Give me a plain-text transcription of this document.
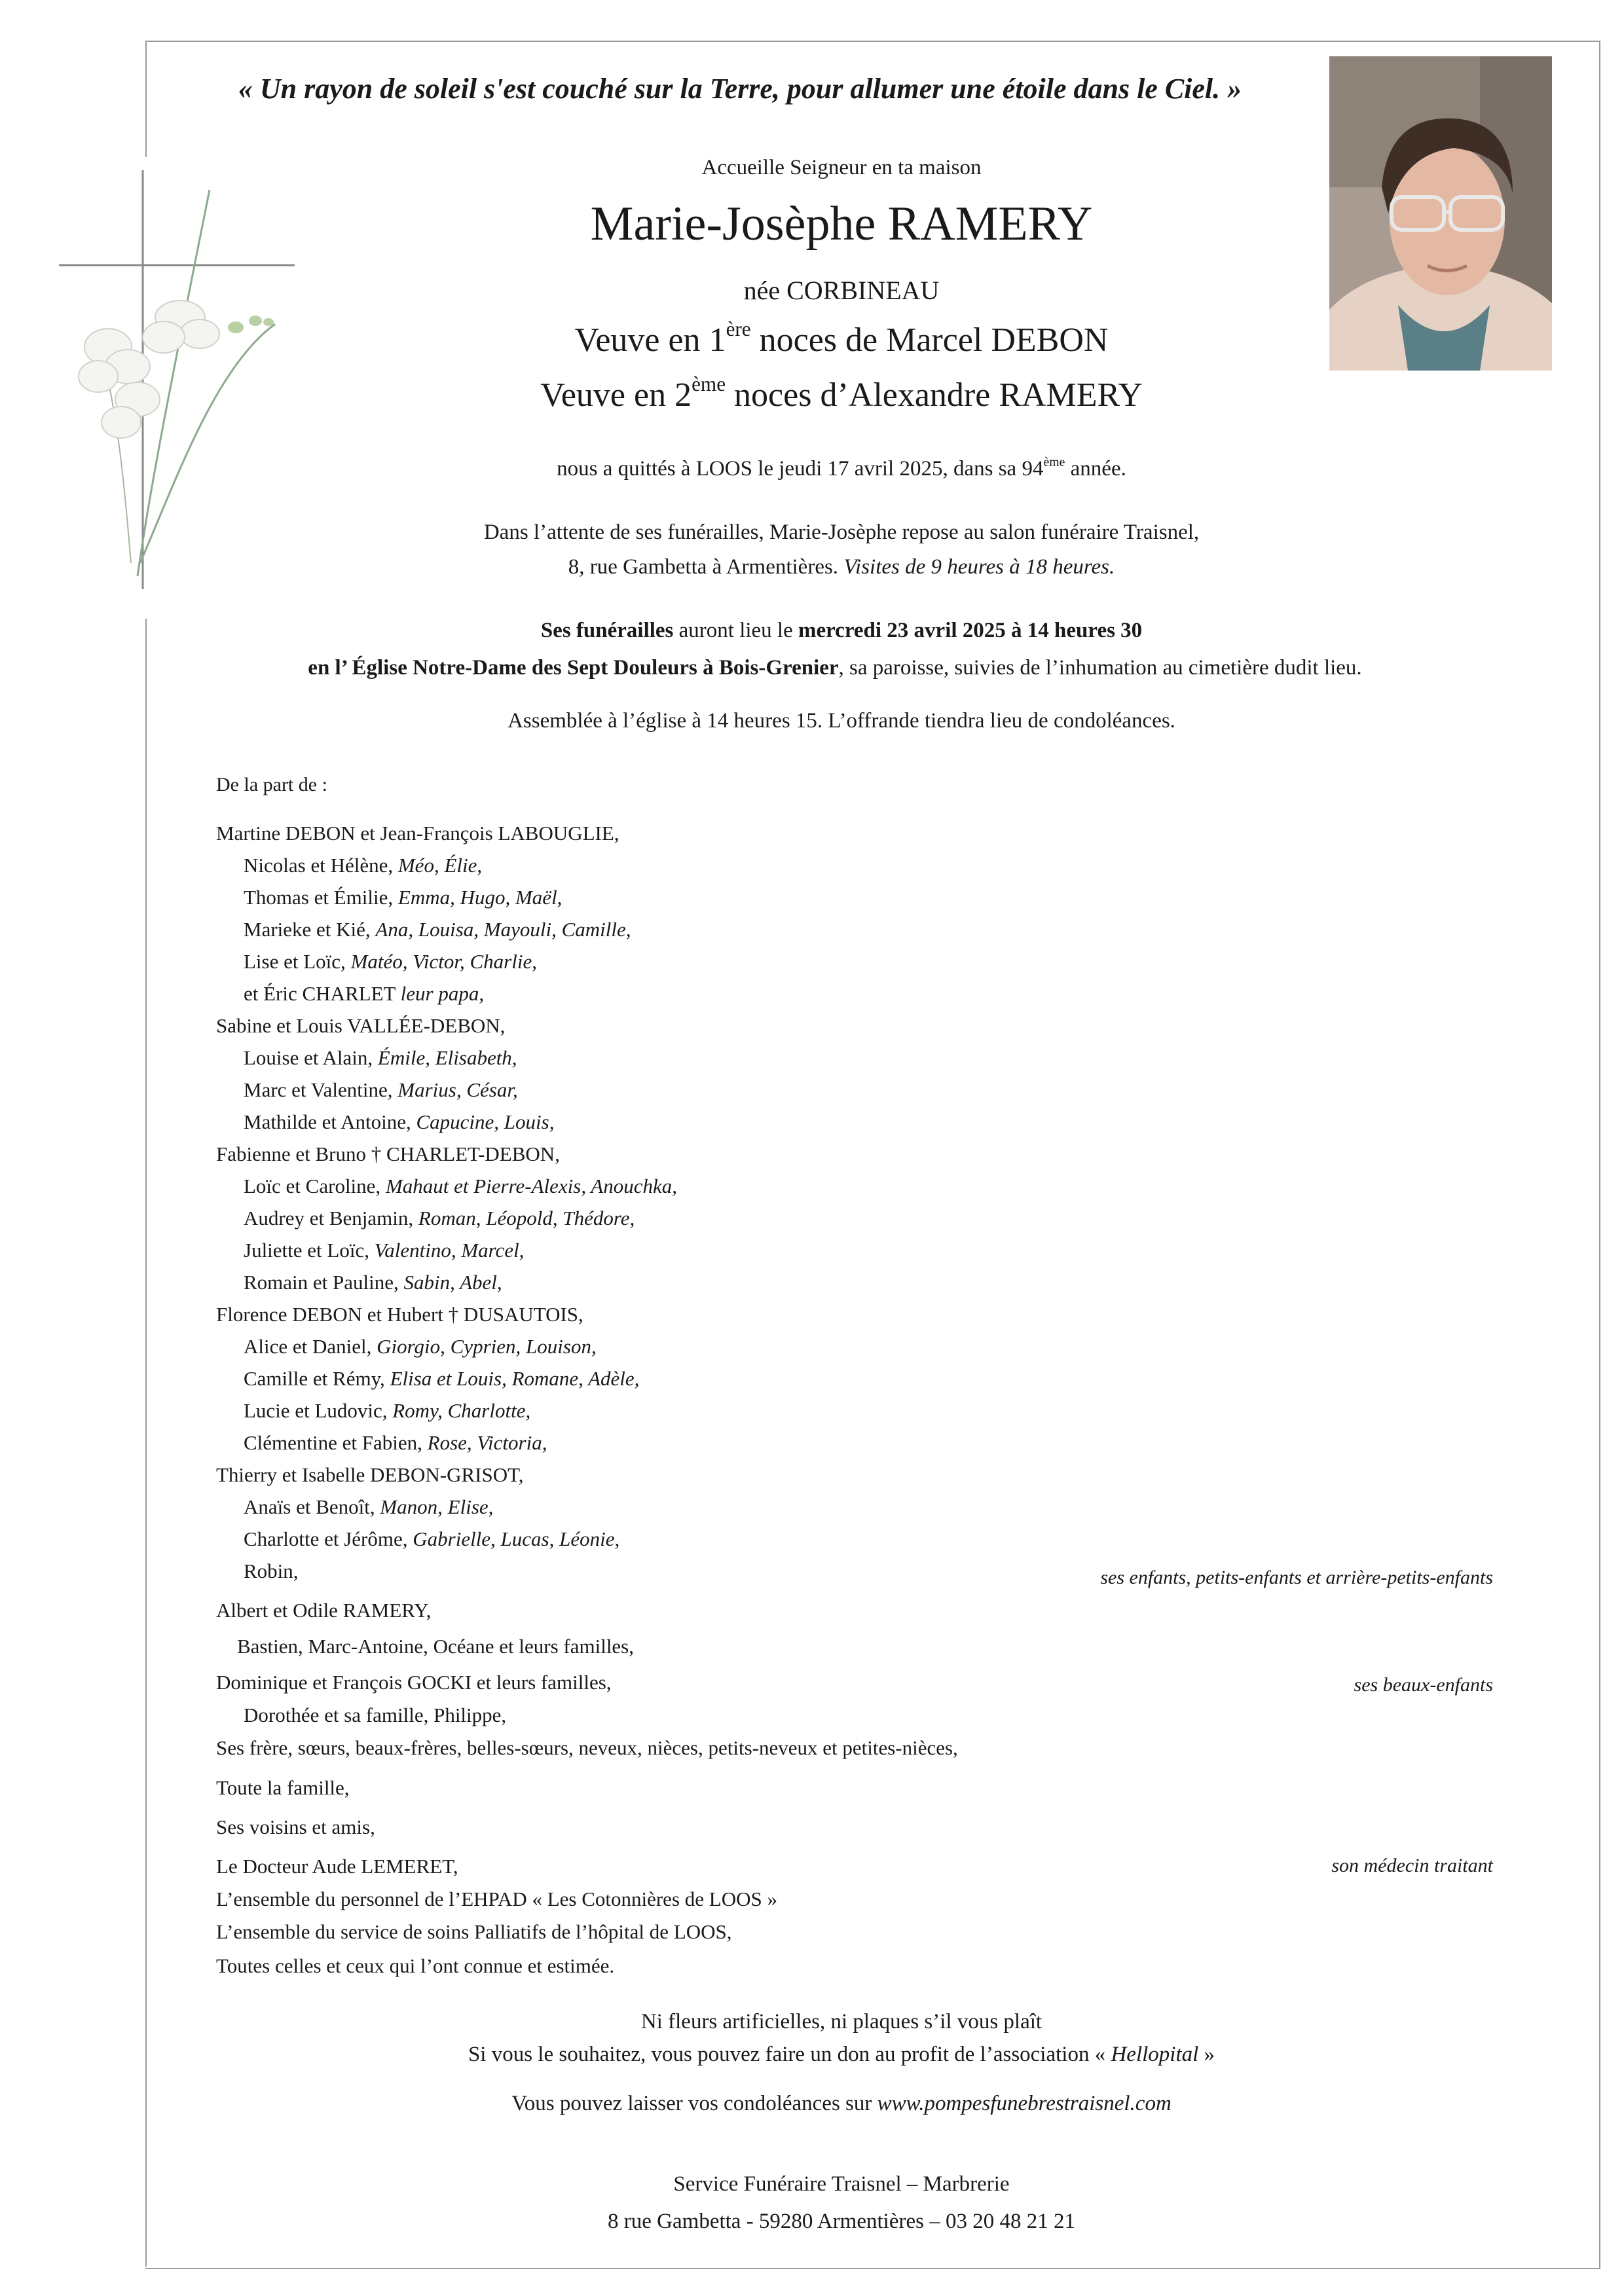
« Un rayon de soleil s'est couché sur la Terre, pour allumer une étoile dans le Ciel. »
Accueille Seigneur en ta maison
Marie-Josèphe RAMERY
née CORBINEAU
Veuve en 1ère noces de Marcel DEBON
Veuve en 2ème noces d’Alexandre RAMERY
nous a quittés à LOOS le jeudi 17 avril 2025, dans sa 94ème année.
Dans l’attente de ses funérailles, Marie-Josèphe repose au salon funéraire Traisnel,
8, rue Gambetta à Armentières. Visites de 9 heures à 18 heures.
Ses funérailles auront lieu le mercredi 23 avril 2025 à 14 heures 30
en l’ Église Notre-Dame des Sept Douleurs à Bois-Grenier, sa paroisse, suivies de l’inhumation au cimetière dudit lieu.
Assemblée à l’église à 14 heures 15. L’offrande tiendra lieu de condoléances.
De la part de :
Martine DEBON et Jean-François LABOUGLIE,
Nicolas et Hélène, Méo, Élie,
Thomas et Émilie, Emma, Hugo, Maël,
Marieke et Kié, Ana, Louisa, Mayouli, Camille,
Lise et Loïc, Matéo, Victor, Charlie,
et Éric CHARLET leur papa,
Sabine et Louis VALLÉE-DEBON,
Louise et Alain, Émile, Elisabeth,
Marc et Valentine, Marius, César,
Mathilde et Antoine, Capucine, Louis,
Fabienne et Bruno † CHARLET-DEBON,
Loïc et Caroline, Mahaut et Pierre-Alexis, Anouchka,
Audrey et Benjamin, Roman, Léopold, Thédore,
Juliette et Loïc, Valentino, Marcel,
Romain et Pauline, Sabin, Abel,
Florence DEBON et Hubert † DUSAUTOIS,
Alice et Daniel, Giorgio, Cyprien, Louison,
Camille et Rémy, Elisa et Louis, Romane, Adèle,
Lucie et Ludovic, Romy, Charlotte,
Clémentine et Fabien, Rose, Victoria,
Thierry et Isabelle DEBON-GRISOT,
Anaïs et Benoît, Manon, Elise,
Charlotte et Jérôme, Gabrielle, Lucas, Léonie,
Robin,	ses enfants, petits-enfants et arrière-petits-enfants
Albert et Odile RAMERY,
Bastien, Marc-Antoine, Océane et leurs familles,
Dominique et François GOCKI et leurs familles,
Dorothée et sa famille, Philippe,
ses beaux-enfants
Ses frère, sœurs, beaux-frères, belles-sœurs, neveux, nièces, petits-neveux et petites-nièces,
Toute la famille,
Ses voisins et amis,
Le Docteur Aude LEMERET,	son médecin traitant
L’ensemble du personnel de l’EHPAD « Les Cotonnières de LOOS »
L’ensemble du service de soins Palliatifs de l’hôpital de LOOS,
Toutes celles et ceux qui l’ont connue et estimée.
Ni fleurs artificielles, ni plaques s’il vous plaît
Si vous le souhaitez, vous pouvez faire un don au profit de l’association « Hellopital »
Vous pouvez laisser vos condoléances sur www.pompesfunebrestraisnel.com
Service Funéraire Traisnel – Marbrerie
8 rue Gambetta - 59280 Armentières – 03 20 48 21 21
